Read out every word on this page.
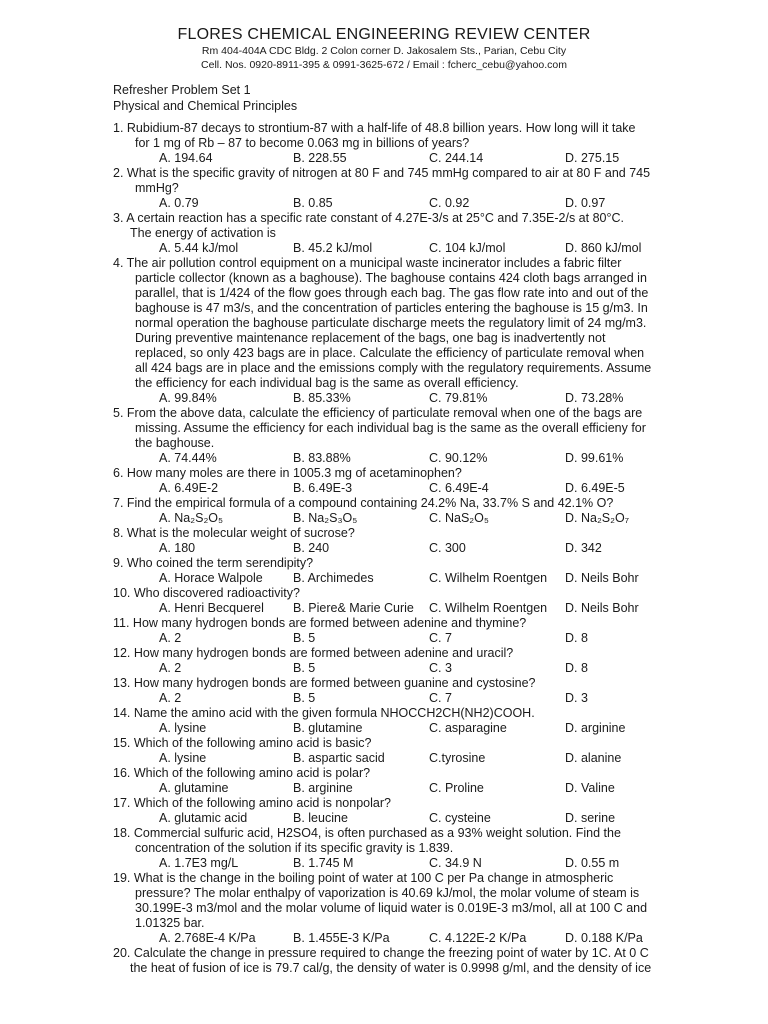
FLORES CHEMICAL ENGINEERING REVIEW CENTER
Rm 404-404A CDC Bldg. 2 Colon corner D. Jakosalem Sts., Parian, Cebu City
Cell. Nos. 0920-8911-395 & 0991-3625-672 / Email : fcherc_cebu@yahoo.com
Refresher Problem Set 1
Physical and Chemical Principles
1. Rubidium-87 decays to strontium-87 with a half-life of 48.8 billion years. How long will it take
for 1 mg of Rb – 87 to become 0.063 mg in billions of years?
A. 194.64	B. 228.55	C. 244.14	D. 275.15
2. What is the specific gravity of nitrogen at 80 F and 745 mmHg compared to air at 80 F and 745
mmHg?
A. 0.79	B. 0.85	C. 0.92	D. 0.97
3. A certain reaction has a specific rate constant of 4.27E-3/s at 25°C and 7.35E-2/s at 80°C.
The energy of activation is
A. 5.44 kJ/mol	B. 45.2 kJ/mol	C. 104 kJ/mol	D. 860 kJ/mol
4. The air pollution control equipment on a municipal waste incinerator includes a fabric filter
particle collector (known as a baghouse). The baghouse contains 424 cloth bags arranged in
parallel, that is 1/424 of the flow goes through each bag. The gas flow rate into and out of the
baghouse is 47 m3/s, and the concentration of particles entering the baghouse is 15 g/m3. In
normal operation the baghouse particulate discharge meets the regulatory limit of 24 mg/m3.
During preventive maintenance replacement of the bags, one bag is inadvertently not
replaced, so only 423 bags are in place. Calculate the efficiency of particulate removal when
all 424 bags are in place and the emissions comply with the regulatory requirements. Assume
the efficiency for each individual bag is the same as overall efficiency.
A. 99.84%	B. 85.33%	C. 79.81%	D. 73.28%
5. From the above data, calculate the efficiency of particulate removal when one of the bags are
missing. Assume the efficiency for each individual bag is the same as the overall efficieny for
the baghouse.
A. 74.44%	B. 83.88%	C. 90.12%	D. 99.61%
6. How many moles are there in 1005.3 mg of acetaminophen?
A. 6.49E-2	B. 6.49E-3	C. 6.49E-4	D. 6.49E-5
7. Find the empirical formula of a compound containing 24.2% Na, 33.7% S and 42.1% O?
A. Na₂S₂O₅	B. Na₂S₃O₅	C. NaS₂O₅	D. Na₂S₂O₇
8. What is the molecular weight of sucrose?
A. 180	B. 240	C. 300	D. 342
9. Who coined the term serendipity?
A. Horace Walpole B. Archimedes	C. Wilhelm Roentgen D. Neils Bohr
10. Who discovered radioactivity?
A. Henri Becquerel B. Piere& Marie Curie C. Wilhelm Roentgen D. Neils Bohr
11. How many hydrogen bonds are formed between adenine and thymine?
A. 2	B. 5	C. 7	D. 8
12. How many hydrogen bonds are formed between adenine and uracil?
A. 2	B. 5	C. 3	D. 8
13. How many hydrogen bonds are formed between guanine and cystosine?
A. 2	B. 5	C. 7	D. 3
14. Name the amino acid with the given formula NHOCCH2CH(NH2)COOH.
A. lysine	B. glutamine	C. asparagine	D. arginine
15. Which of the following amino acid is basic?
A. lysine	B. aspartic sacid	C.tyrosine	D. alanine
16. Which of the following amino acid is polar?
A. glutamine	B. arginine	C. Proline	D. Valine
17. Which of the following amino acid is nonpolar?
A. glutamic acid	B. leucine	C. cysteine	D. serine
18. Commercial sulfuric acid, H2SO4, is often purchased as a 93% weight solution. Find the
concentration of the solution if its specific gravity is 1.839.
A. 1.7E3 mg/L	B. 1.745 M	C. 34.9 N	D. 0.55 m
19. What is the change in the boiling point of water at 100 C per Pa change in atmospheric
pressure? The molar enthalpy of vaporization is 40.69 kJ/mol, the molar volume of steam is
30.199E-3 m3/mol and the molar volume of liquid water is 0.019E-3 m3/mol, all at 100 C and
1.01325 bar.
A. 2.768E-4 K/Pa	B. 1.455E-3 K/Pa	C. 4.122E-2 K/Pa	D. 0.188 K/Pa
20. Calculate the change in pressure required to change the freezing point of water by 1C. At 0 C
the heat of fusion of ice is 79.7 cal/g, the density of water is 0.9998 g/ml, and the density of ice
